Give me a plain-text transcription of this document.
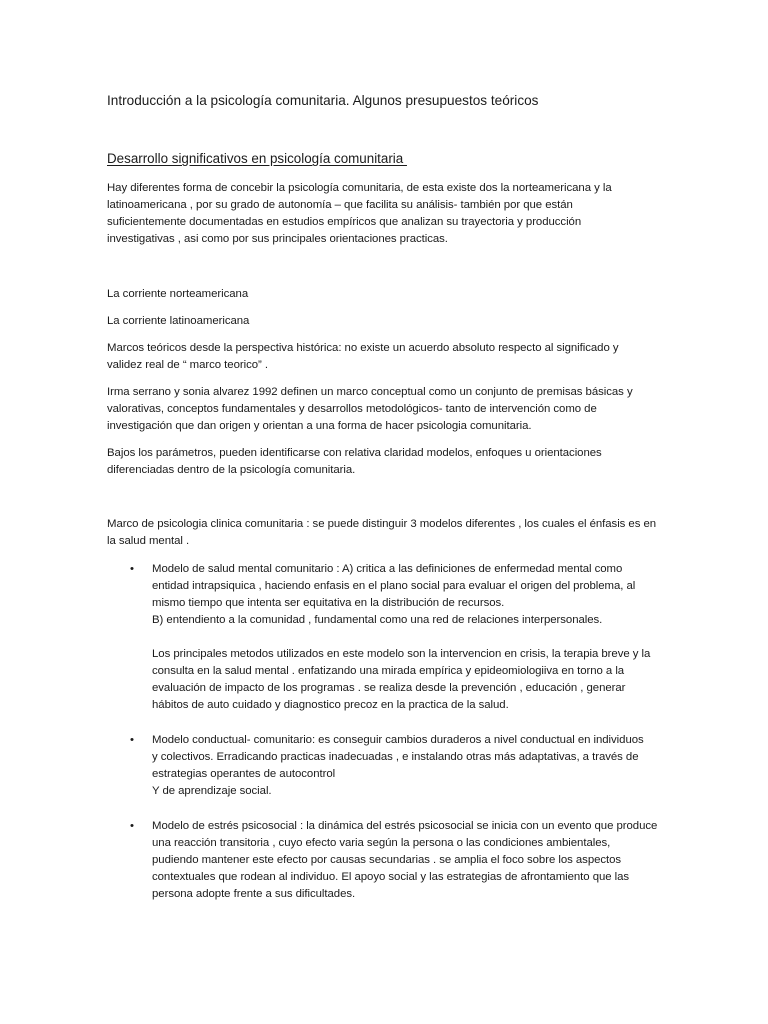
Introducción a la psicología comunitaria. Algunos presupuestos teóricos
Desarrollo significativos en psicología comunitaria

Hay diferentes forma de concebir la psicología comunitaria, de esta existe dos la norteamericana y la
latinoamericana , por su grado de autonomía – que facilita su análisis- también por que están
suficientemente documentadas en estudios empíricos que analizan su trayectoria y producción
investigativas , asi como por sus principales orientaciones practicas.

La corriente norteamericana

La corriente latinoamericana

Marcos teóricos desde la perspectiva histórica: no existe un acuerdo absoluto respecto al significado y
validez real de “ marco teorico” .

Irma serrano y sonia alvarez 1992 definen un marco conceptual como un conjunto de premisas básicas y
valorativas, conceptos fundamentales y desarrollos metodológicos- tanto de intervención como de
investigación que dan origen y orientan a una forma de hacer psicologia comunitaria.

Bajos los parámetros, pueden identificarse con relativa claridad modelos, enfoques u orientaciones
diferenciadas dentro de la psicología comunitaria.

Marco de psicologia clinica comunitaria : se puede distinguir 3 modelos diferentes , los cuales el énfasis es en
la salud mental .

•	Modelo de salud mental comunitario : A) critica a las definiciones de enfermedad mental como
entidad intrapsiquica , haciendo enfasis en el plano social para evaluar el origen del problema, al
mismo tiempo que intenta ser equitativa en la distribución de recursos.
B) entendiento a la comunidad , fundamental como una red de relaciones interpersonales.

Los principales metodos utilizados en este modelo son la intervencion en crisis, la terapia breve y la
consulta en la salud mental . enfatizando una mirada empírica y epideomiologiiva en torno a la
evaluación de impacto de los programas . se realiza desde la prevención , educación , generar
hábitos de auto cuidado y diagnostico precoz en la practica de la salud.

•	Modelo conductual- comunitario: es conseguir cambios duraderos a nivel conductual en individuos
y colectivos. Erradicando practicas inadecuadas , e instalando otras más adaptativas, a través de
estrategias operantes de autocontrol
Y de aprendizaje social.

•	Modelo de estrés psicosocial : la dinámica del estrés psicosocial se inicia con un evento que produce
una reacción transitoria , cuyo efecto varia según la persona o las condiciones ambientales,
pudiendo mantener este efecto por causas secundarias . se amplia el foco sobre los aspectos
contextuales que rodean al individuo. El apoyo social y las estrategias de afrontamiento que las
persona adopte frente a sus dificultades.
